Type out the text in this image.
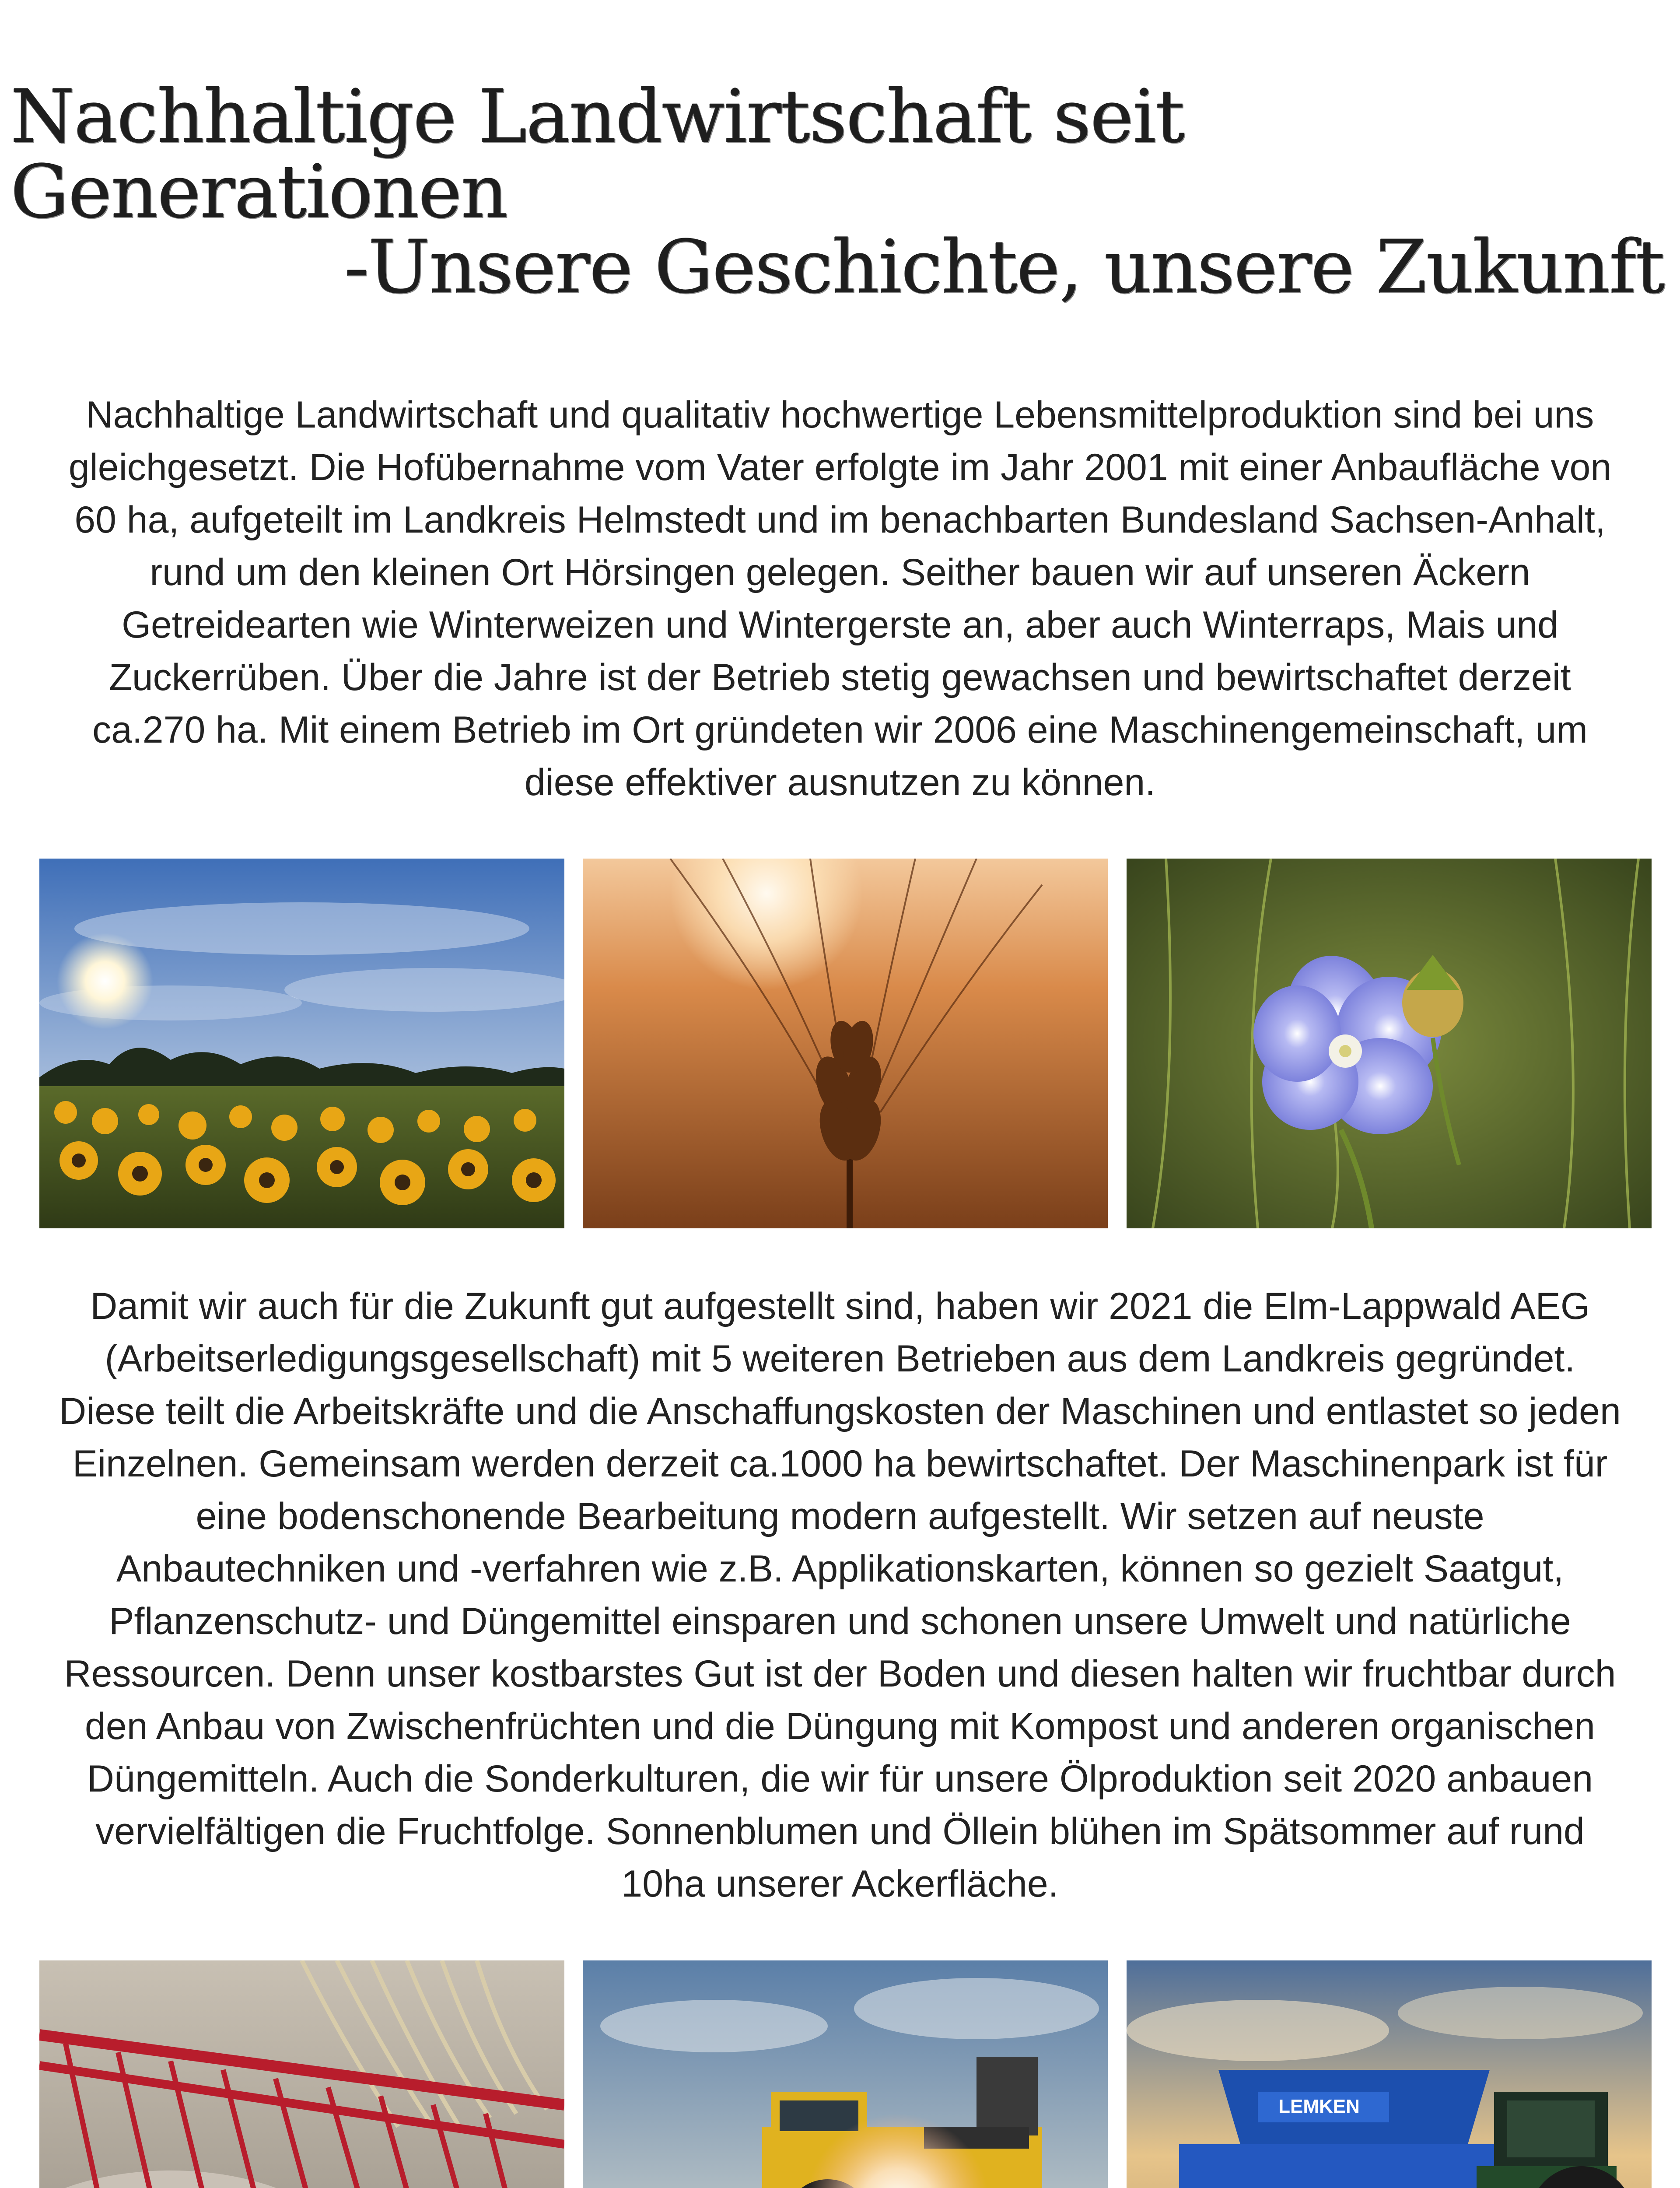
Nachhaltige Landwirtschaft seit Generationen
-Unsere Geschichte, unsere Zukunft

Nachhaltige Landwirtschaft und qualitativ hochwertige Lebensmittelproduktion sind bei uns gleichgesetzt. Die Hofübernahme vom Vater erfolgte im Jahr 2001 mit einer Anbaufläche von 60 ha, aufgeteilt im Landkreis Helmstedt und im benachbarten Bundesland Sachsen-Anhalt, rund um den kleinen Ort Hörsingen gelegen. Seither bauen wir auf unseren Äckern Getreidearten wie Winterweizen und Wintergerste an, aber auch Winterraps, Mais und Zuckerrüben. Über die Jahre ist der Betrieb stetig gewachsen und bewirtschaftet derzeit ca.270 ha. Mit einem Betrieb im Ort gründeten wir 2006 eine Maschinengemeinschaft, um diese effektiver ausnutzen zu können.

Damit wir auch für die Zukunft gut aufgestellt sind, haben wir 2021 die Elm-Lappwald AEG (Arbeitserledigungsgesellschaft) mit 5 weiteren Betrieben aus dem Landkreis gegründet. Diese teilt die Arbeitskräfte und die Anschaffungskosten der Maschinen und entlastet so jeden Einzelnen. Gemeinsam werden derzeit ca.1000 ha bewirtschaftet. Der Maschinenpark ist für eine bodenschonende Bearbeitung modern aufgestellt. Wir setzen auf neuste Anbautechniken und -verfahren wie z.B. Applikationskarten, können so gezielt Saatgut, Pflanzenschutz- und Düngemittel einsparen und schonen unsere Umwelt und natürliche Ressourcen. Denn unser kostbarstes Gut ist der Boden und diesen halten wir fruchtbar durch den Anbau von Zwischenfrüchten und die Düngung mit Kompost und anderen organischen Düngemitteln. Auch die Sonderkulturen, die wir für unsere Ölproduktion seit 2020 anbauen vervielfältigen die Fruchtfolge. Sonnenblumen und Öllein blühen im Spätsommer auf rund 10ha unserer Ackerfläche.

LEMKEN
